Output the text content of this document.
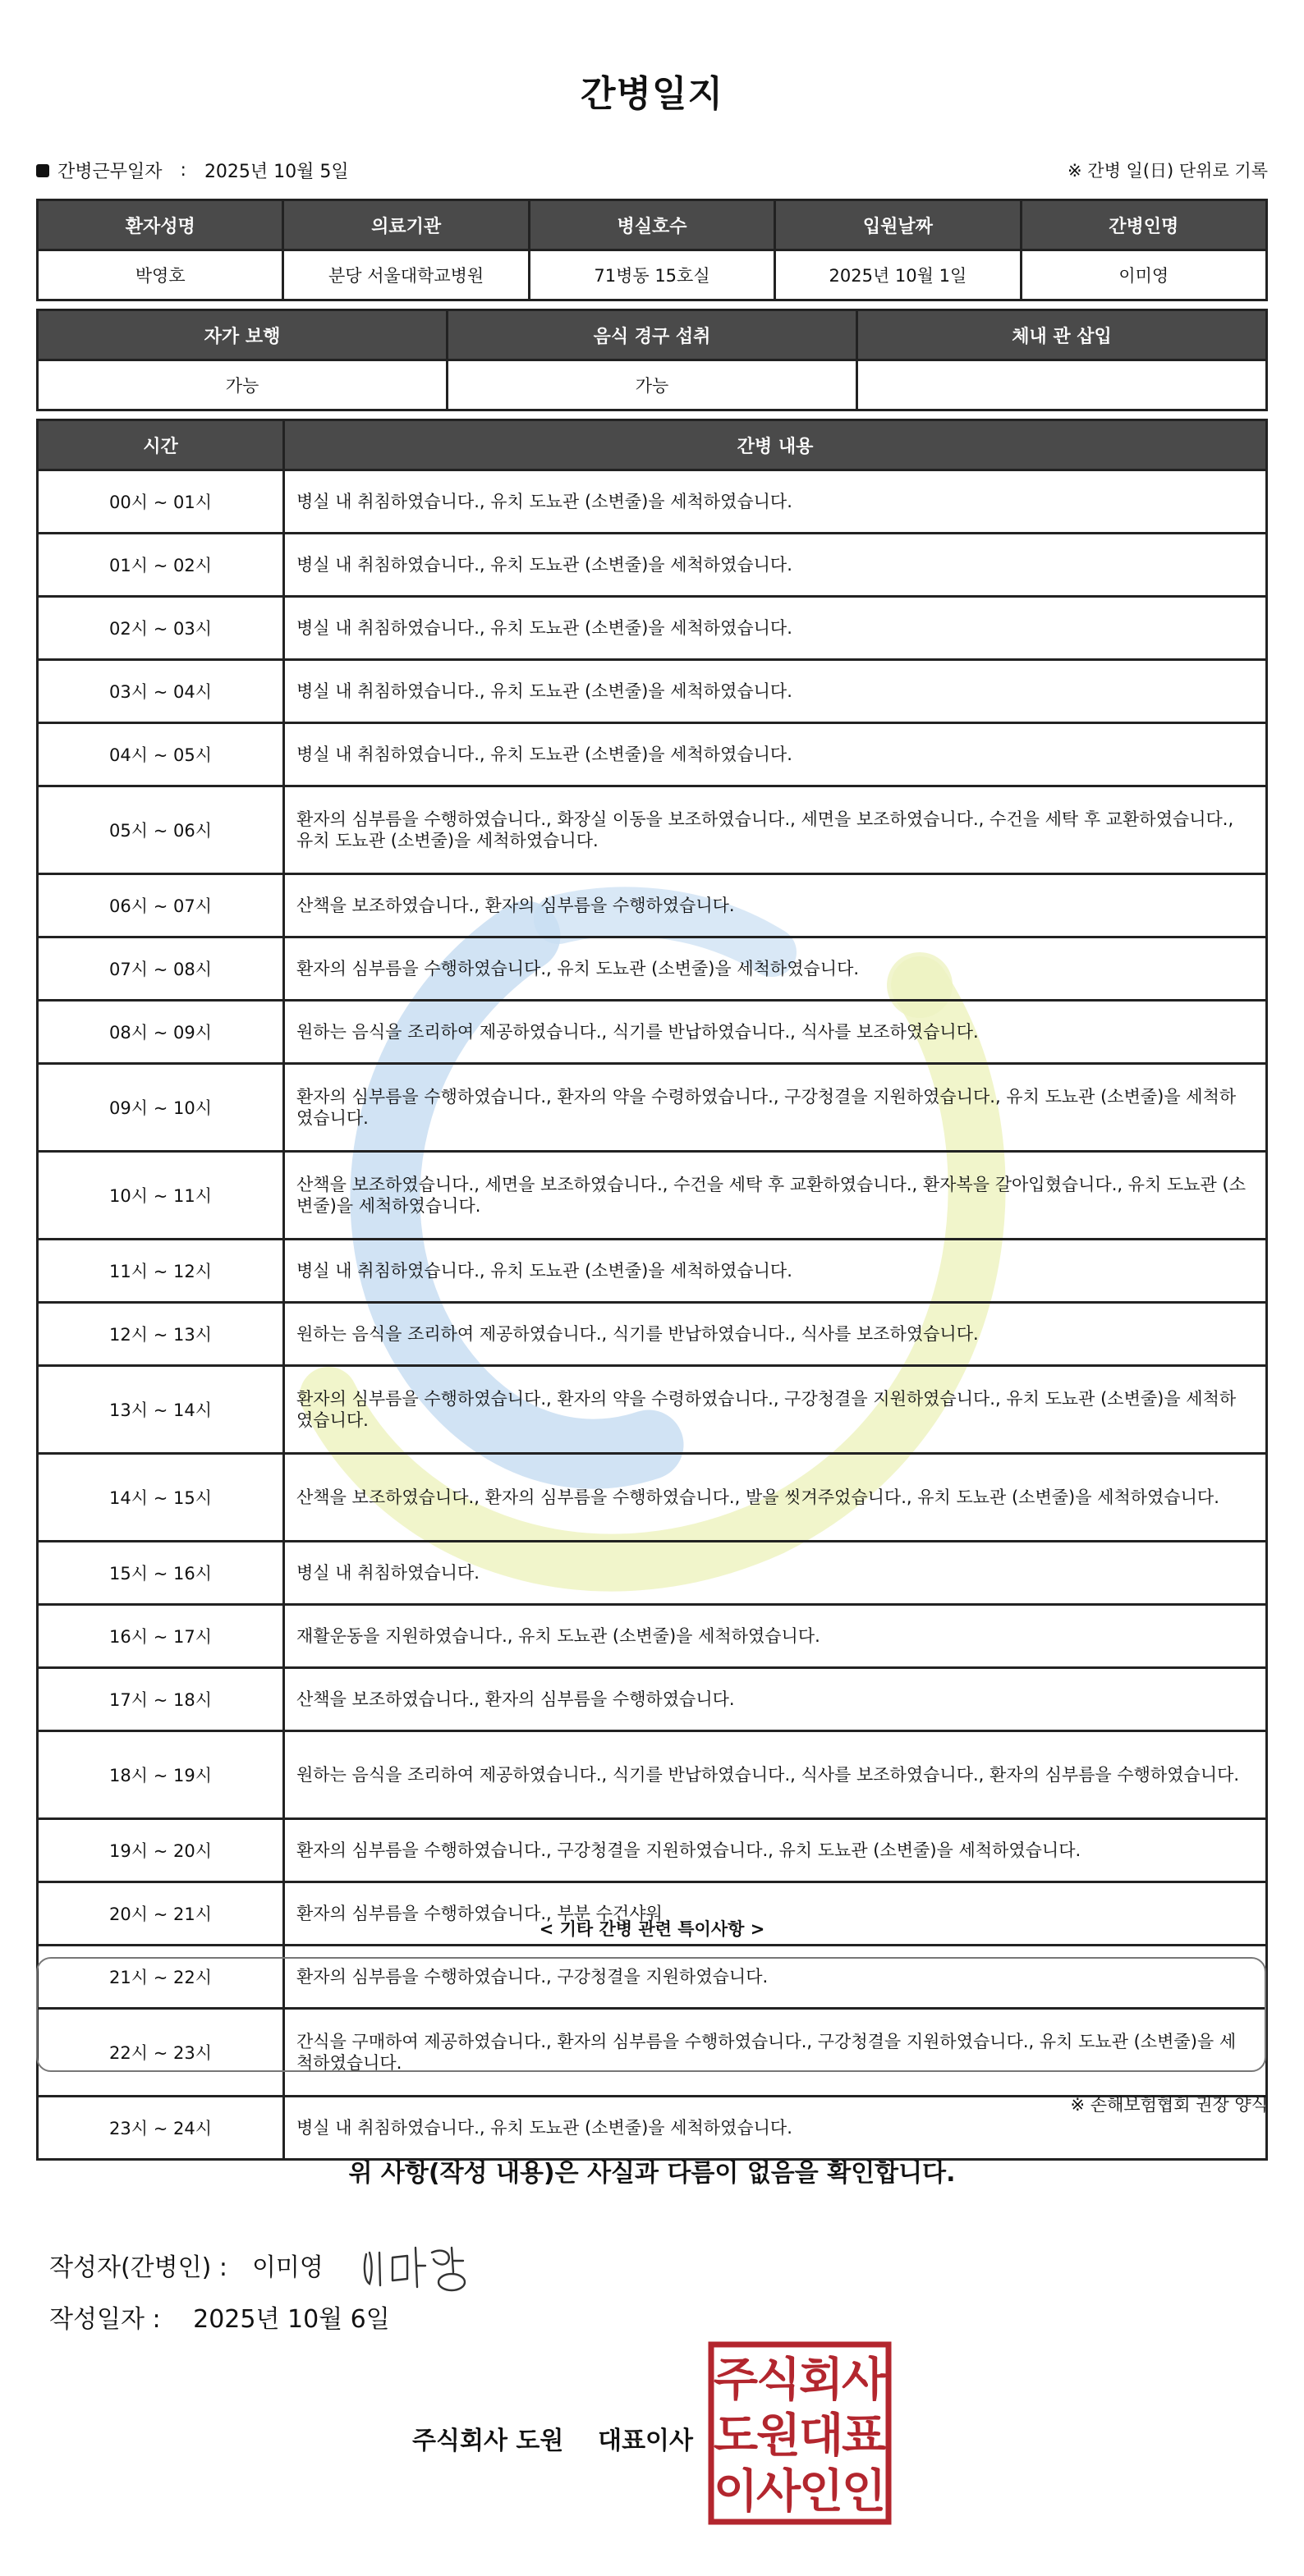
간병일지
간병근무일자 : 2025년 10월 5일	※ 간병 일(日) 단위로 기록
환자성명	의료기관	병실호수	입원날짜	간병인명
박영호	분당 서울대학교병원	71병동 15호실	2025년 10월 1일	이미영
자가 보행	음식 경구 섭취	체내 관 삽입
가능	가능	
시간	간병 내용
00시 ~ 01시	병실 내 취침하였습니다., 유치 도뇨관 (소변줄)을 세척하였습니다.
01시 ~ 02시	병실 내 취침하였습니다., 유치 도뇨관 (소변줄)을 세척하였습니다.
02시 ~ 03시	병실 내 취침하였습니다., 유치 도뇨관 (소변줄)을 세척하였습니다.
03시 ~ 04시	병실 내 취침하였습니다., 유치 도뇨관 (소변줄)을 세척하였습니다.
04시 ~ 05시	병실 내 취침하였습니다., 유치 도뇨관 (소변줄)을 세척하였습니다.
05시 ~ 06시	환자의 심부름을 수행하였습니다., 화장실 이동을 보조하였습니다., 세면을 보조하였습니다., 수건을 세탁 후 교환하였습니다., 유치 도뇨관 (소변줄)을 세척하였습니다.
06시 ~ 07시	산책을 보조하였습니다., 환자의 심부름을 수행하였습니다.
07시 ~ 08시	환자의 심부름을 수행하였습니다., 유치 도뇨관 (소변줄)을 세척하였습니다.
08시 ~ 09시	원하는 음식을 조리하여 제공하였습니다., 식기를 반납하였습니다., 식사를 보조하였습니다.
09시 ~ 10시	환자의 심부름을 수행하였습니다., 환자의 약을 수령하였습니다., 구강청결을 지원하였습니다., 유치 도뇨관 (소변줄)을 세척하였습니다.
10시 ~ 11시	산책을 보조하였습니다., 세면을 보조하였습니다., 수건을 세탁 후 교환하였습니다., 환자복을 갈아입혔습니다., 유치 도뇨관 (소변줄)을 세척하였습니다.
11시 ~ 12시	병실 내 취침하였습니다., 유치 도뇨관 (소변줄)을 세척하였습니다.
12시 ~ 13시	원하는 음식을 조리하여 제공하였습니다., 식기를 반납하였습니다., 식사를 보조하였습니다.
13시 ~ 14시	환자의 심부름을 수행하였습니다., 환자의 약을 수령하였습니다., 구강청결을 지원하였습니다., 유치 도뇨관 (소변줄)을 세척하였습니다.
14시 ~ 15시	산책을 보조하였습니다., 환자의 심부름을 수행하였습니다., 발을 씻겨주었습니다., 유치 도뇨관 (소변줄)을 세척하였습니다.
15시 ~ 16시	병실 내 취침하였습니다.
16시 ~ 17시	재활운동을 지원하였습니다., 유치 도뇨관 (소변줄)을 세척하였습니다.
17시 ~ 18시	산책을 보조하였습니다., 환자의 심부름을 수행하였습니다.
18시 ~ 19시	원하는 음식을 조리하여 제공하였습니다., 식기를 반납하였습니다., 식사를 보조하였습니다., 환자의 심부름을 수행하였습니다.
19시 ~ 20시	환자의 심부름을 수행하였습니다., 구강청결을 지원하였습니다., 유치 도뇨관 (소변줄)을 세척하였습니다.
20시 ~ 21시	환자의 심부름을 수행하였습니다., 부분 수건샤워
21시 ~ 22시	환자의 심부름을 수행하였습니다., 구강청결을 지원하였습니다.
22시 ~ 23시	간식을 구매하여 제공하였습니다., 환자의 심부름을 수행하였습니다., 구강청결을 지원하였습니다., 유치 도뇨관 (소변줄)을 세척하였습니다.
23시 ~ 24시	병실 내 취침하였습니다., 유치 도뇨관 (소변줄)을 세척하였습니다.
< 기타 간병 관련 특이사항 >
※ 손해보험협회 권장 양식
위 사항(작성 내용)은 사실과 다름이 없음을 확인합니다.
작성자(간병인) : 이미영
작성일자 : 2025년 10월 6일
주식회사 도원    대표이사
주
식
회
사
도
원
대
표
이
사
인
인
